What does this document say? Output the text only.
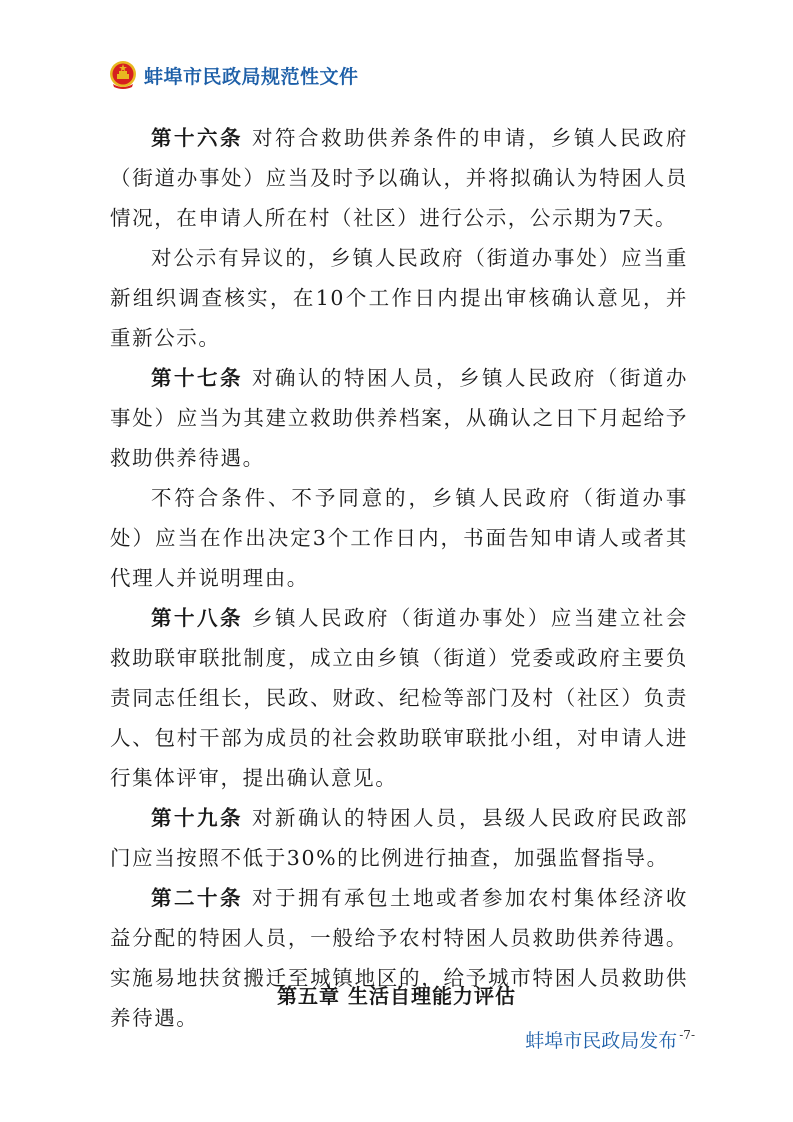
蚌埠市民政局规范性文件

第十六条 对符合救助供养条件的申请，乡镇人民政府（街道办事处）应当及时予以确认，并将拟确认为特困人员情况，在申请人所在村（社区）进行公示，公示期为7天。

对公示有异议的，乡镇人民政府（街道办事处）应当重新组织调查核实，在10个工作日内提出审核确认意见，并重新公示。

第十七条 对确认的特困人员，乡镇人民政府（街道办事处）应当为其建立救助供养档案，从确认之日下月起给予救助供养待遇。

不符合条件、不予同意的，乡镇人民政府（街道办事处）应当在作出决定3个工作日内，书面告知申请人或者其代理人并说明理由。

第十八条 乡镇人民政府（街道办事处）应当建立社会救助联审联批制度，成立由乡镇（街道）党委或政府主要负责同志任组长，民政、财政、纪检等部门及村（社区）负责人、包村干部为成员的社会救助联审联批小组，对申请人进行集体评审，提出确认意见。

第十九条 对新确认的特困人员，县级人民政府民政部门应当按照不低于30%的比例进行抽查，加强监督指导。

第二十条 对于拥有承包土地或者参加农村集体经济收益分配的特困人员，一般给予农村特困人员救助供养待遇。实施易地扶贫搬迁至城镇地区的，给予城市特困人员救助供养待遇。

第五章 生活自理能力评估
蚌埠市民政局发布 -7-
